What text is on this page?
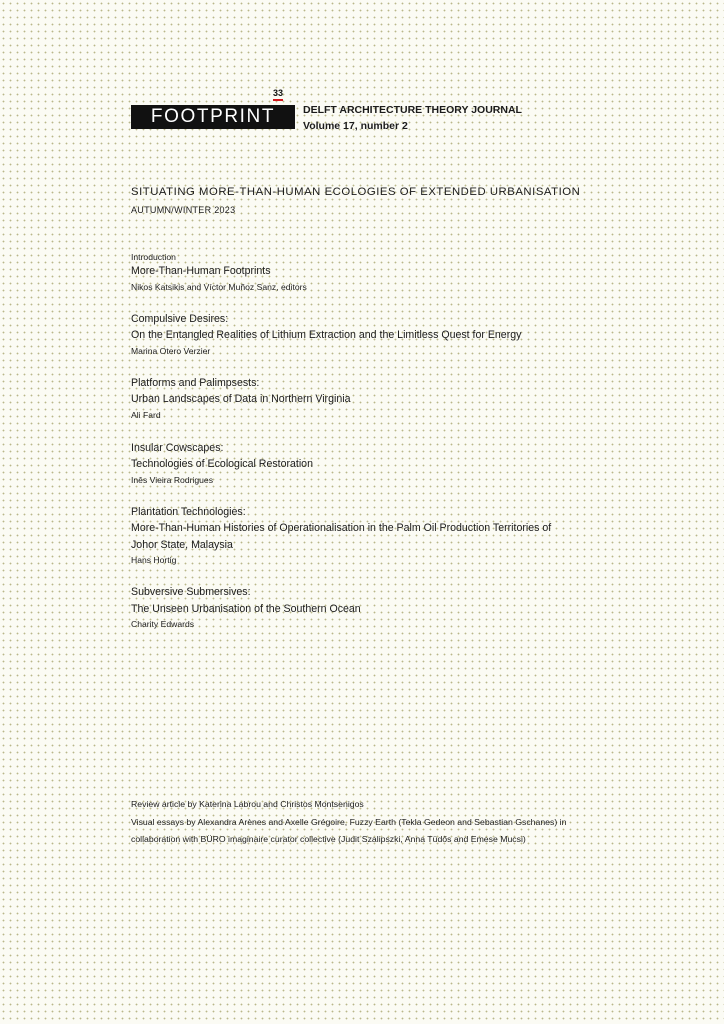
33
FOOTPRINT	DELFT ARCHITECTURE THEORY JOURNAL
Volume 17, number 2
SITUATING MORE-THAN-HUMAN ECOLOGIES OF EXTENDED URBANISATION
AUTUMN/WINTER 2023
Introduction
More-Than-Human Footprints
Nikos Katsikis and Víctor Muñoz Sanz, editors
Compulsive Desires:
On the Entangled Realities of Lithium Extraction and the Limitless Quest for Energy
Marina Otero Verzier
Platforms and Palimpsests:
Urban Landscapes of Data in Northern Virginia
Ali Fard
Insular Cowscapes:
Technologies of Ecological Restoration
Inês Vieira Rodrigues
Plantation Technologies:
More-Than-Human Histories of Operationalisation in the Palm Oil Production Territories of
Johor State, Malaysia
Hans Hortig
Subversive Submersives:
The Unseen Urbanisation of the Southern Ocean
Charity Edwards

Review article by Katerina Labrou and Christos Montsenigos

Visual essays by Alexandra Arènes and Axelle Grégoire, Fuzzy Earth (Tekla Gedeon and Sebastian Gschanes) in collaboration with BÜRO imaginaire curator collective (Judit Szalipszki, Anna Tüdős and Emese Mucsi)
